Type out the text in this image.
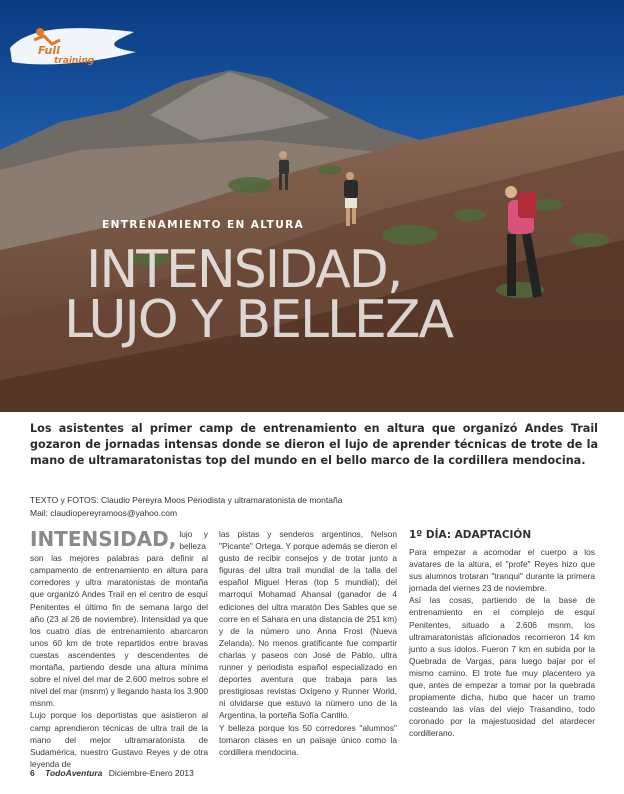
Full
training
ENTRENAMIENTO EN ALTURA
INTENSIDAD,
LUJO Y BELLEZA
Los asistentes al primer camp de entrenamiento en altura que organizó Andes Trail gozaron de jornadas intensas donde se dieron el lujo de aprender técnicas de trote de la mano de ultramaratonistas top del mundo en el bello marco de la cordillera mendocina.
TEXTO y FOTOS: Claudio Pereyra Moos Periodista y ultramaratonista de montaña
Mail: claudiopereyramoos@yahoo.com
INTENSIDAD, lujo y belleza son las mejores palabras para definir al campamento de entrenamiento en altura para corredores y ultra maratonistas de montaña que organizó Andes Trail en el centro de esquí Penitentes el último fin de semana largo del año (23 al 26 de noviembre). Intensidad ya que los cuatro días de entrenamiento abarcaron unos 60 km de trote repartidos entre bravas cuestas ascendentes y descendentes de montaña, partiendo desde una altura mínima sobre el nivel del mar de 2.600 metros sobre el nivel del mar (msnm) y llegando hasta los 3.900 msnm.

Lujo porque los deportistas que asistieron al camp aprendieron técnicas de ultra trail de la mano del mejor ultramaratonista de Sudamérica, nuestro Gustavo Reyes y de otra leyenda de

las pistas y senderos argentinos, Nelson "Picante" Ortega. Y porque además se dieron el gusto de recibir consejos y de trotar junto a figuras del ultra trail mundial de la talla del español Miguel Heras (top 5 mundial); del marroquí Mohamad Ahansal (ganador de 4 ediciones del ultra maratón Des Sables que se corre en el Sahara en una distancia de 251 km) y de la número uno Anna Frost (Nueva Zelanda). No menos gratificante fue compartir charlas y paseos con José de Pablo, ultra runner y periodista español especializado en deportes aventura que trabaja para las prestigiosas revistas Oxígeno y Runner World, ni olvidarse que estuvo la número uno de la Argentina, la porteña Sofía Cantilo.

Y belleza porque los 50 corredores "alumnos" tomaron clases en un paisaje único como la cordillera mendocina.

1º DÍA: ADAPTACIÓN

Para empezar a acomodar el cuerpo a los avatares de la altura, el "profe" Reyes hizo que sus alumnos trotaran "tranqui" durante la primera jornada del viernes 23 de noviembre.

Así las cosas, partiendo de la base de entrenamiento en el complejo de esquí Penitentes, situado a 2.606 msnm, los ultramaratonistas aficionados recorrieron 14 km junto a sus ídolos. Fueron 7 km en subida por la Quebrada de Vargas, para luego bajar por el mismo camino. El trote fue muy placentero ya que, antes de empezar a tomar por la quebrada propiamente dicha, hubo que hacer un tramo costeando las vías del viejo Trasandino, todo coronado por la majestuosidad del atardecer cordillerano.

6 TodoAventura Diciembre-Enero 2013
